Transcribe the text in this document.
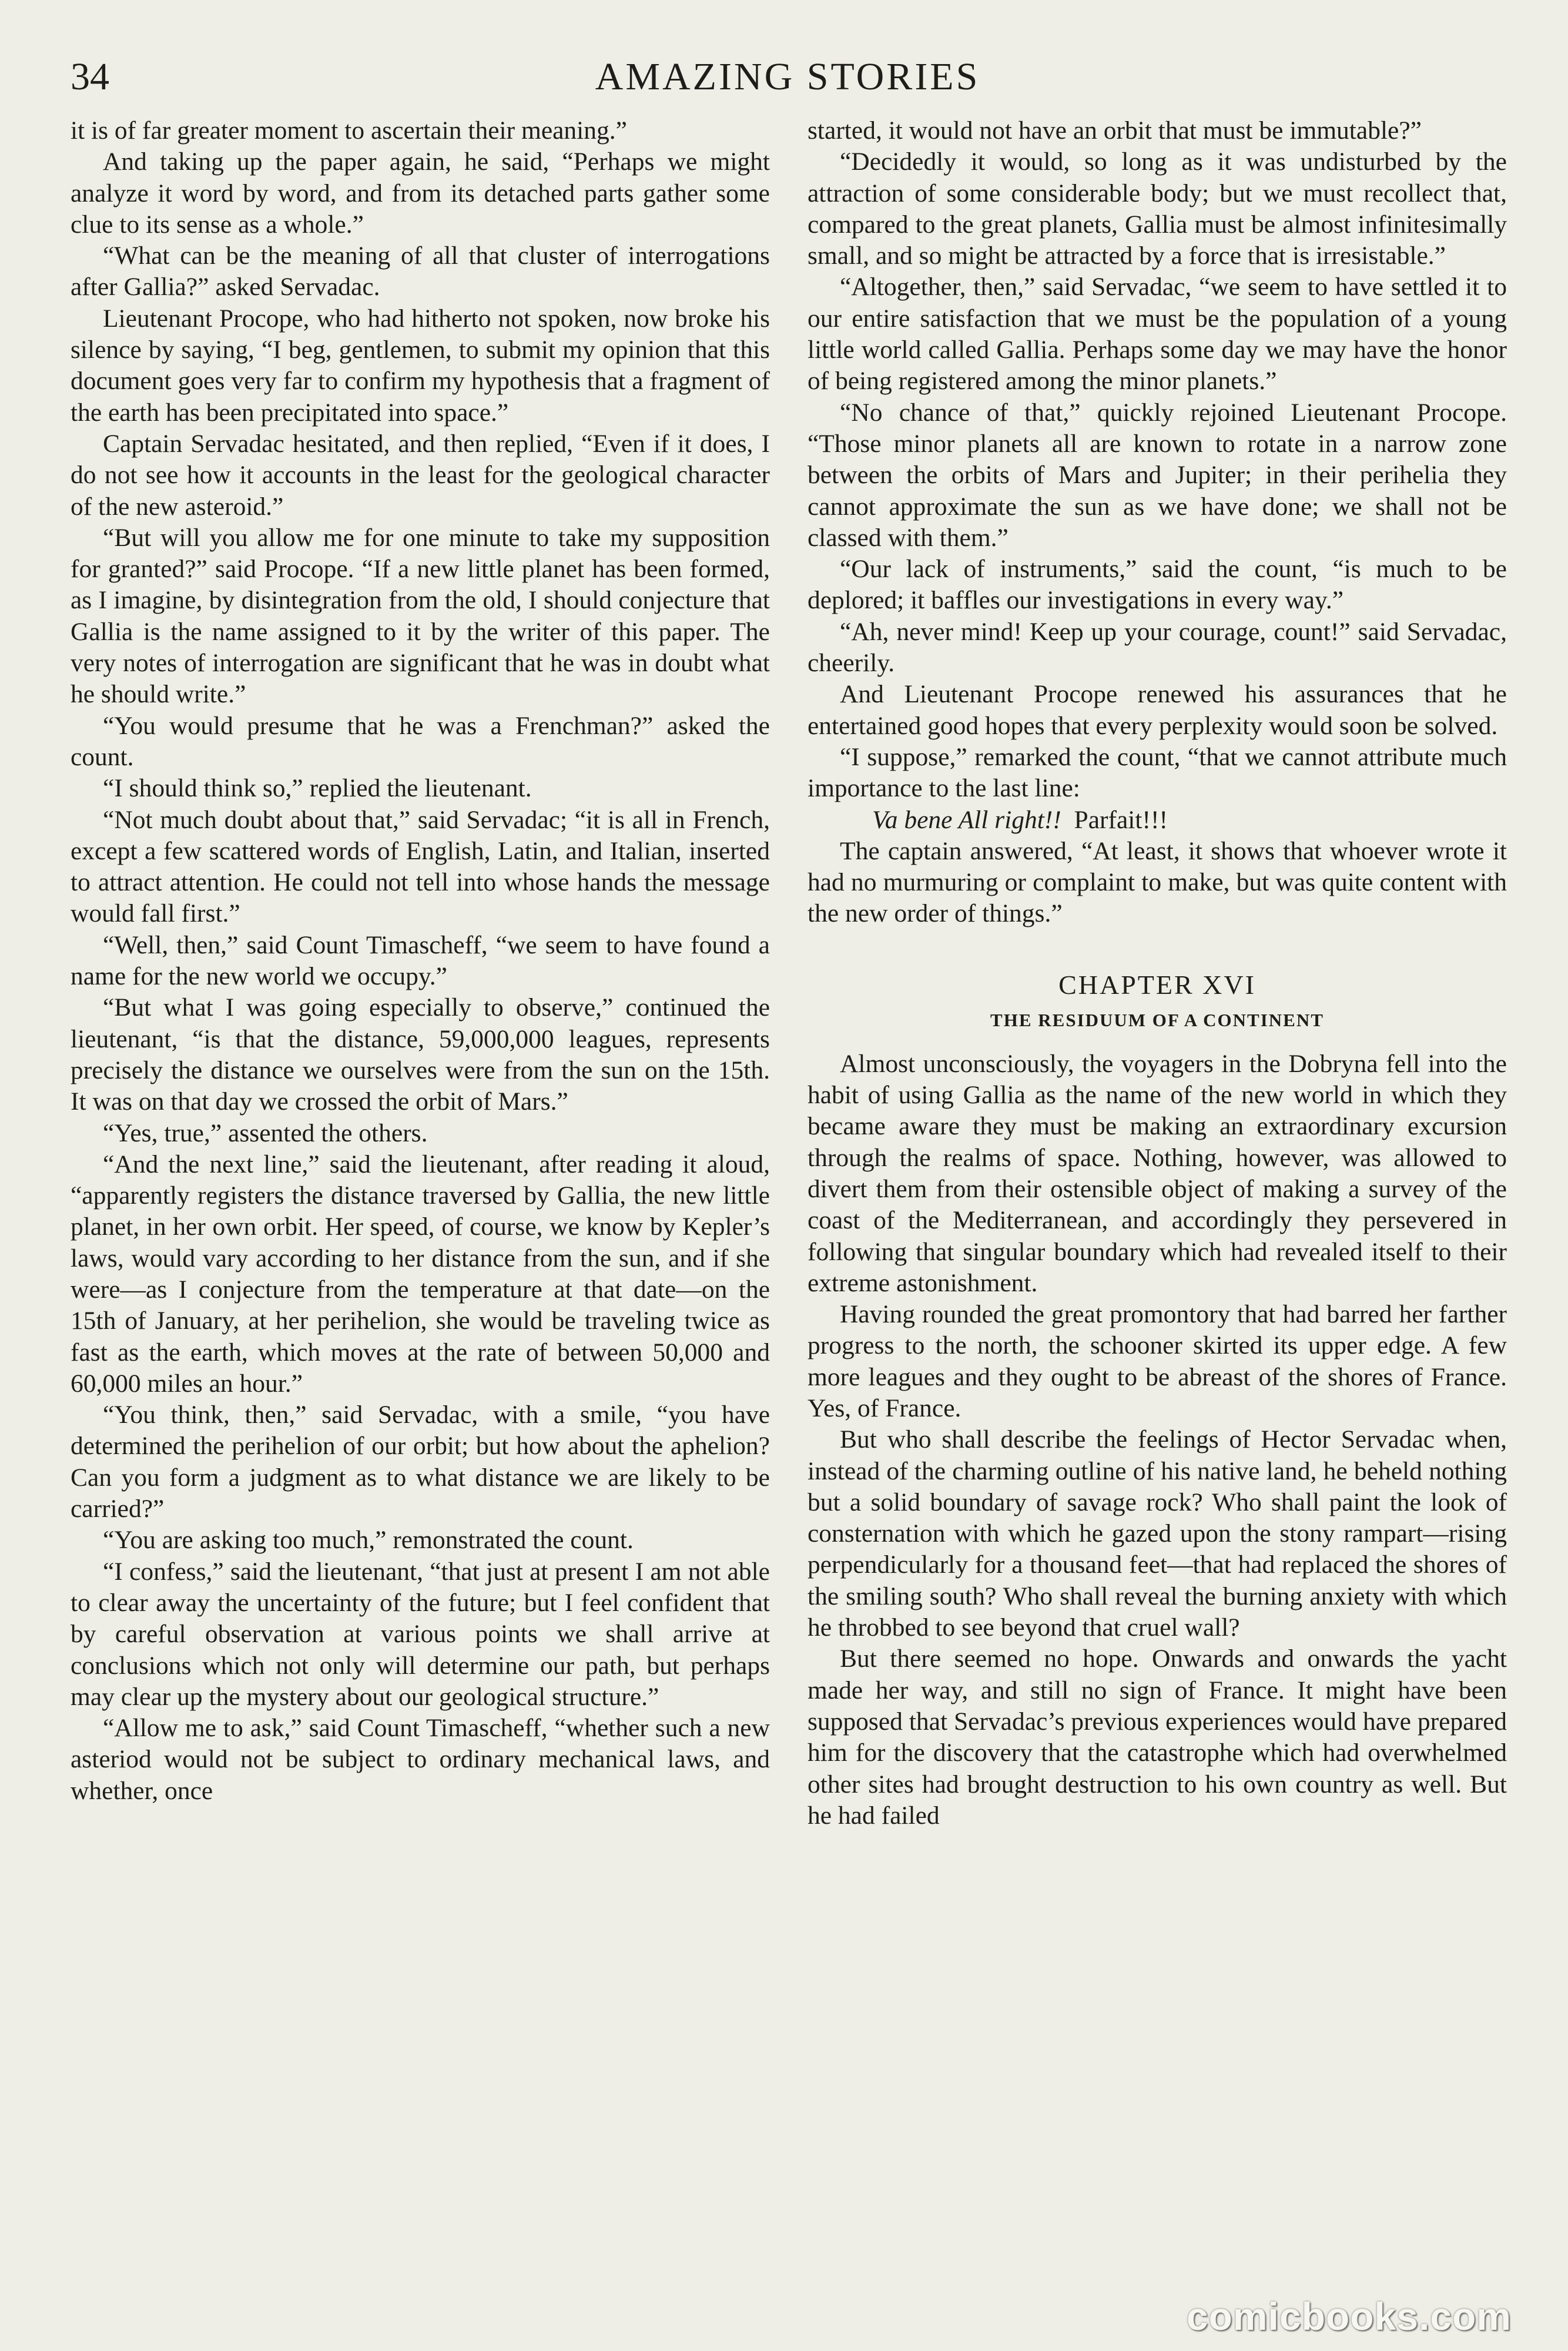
34	AMAZING STORIES

it is of far greater moment to ascertain their meaning.”

And taking up the paper again, he said, “Perhaps we might analyze it word by word, and from its detached parts gather some clue to its sense as a whole.”

“What can be the meaning of all that cluster of interrogations after Gallia?” asked Servadac.

Lieutenant Procope, who had hitherto not spoken, now broke his silence by saying, “I beg, gentlemen, to submit my opinion that this document goes very far to confirm my hypothesis that a fragment of the earth has been precipitated into space.”

Captain Servadac hesitated, and then replied, “Even if it does, I do not see how it accounts in the least for the geological character of the new asteroid.”

“But will you allow me for one minute to take my supposition for granted?” said Procope. “If a new little planet has been formed, as I imagine, by disintegration from the old, I should conjecture that Gallia is the name assigned to it by the writer of this paper. The very notes of interrogation are significant that he was in doubt what he should write.”

“You would presume that he was a Frenchman?” asked the count.

“I should think so,” replied the lieutenant.

“Not much doubt about that,” said Servadac; “it is all in French, except a few scattered words of English, Latin, and Italian, inserted to attract attention. He could not tell into whose hands the message would fall first.”

“Well, then,” said Count Timascheff, “we seem to have found a name for the new world we occupy.”

“But what I was going especially to observe,” continued the lieutenant, “is that the distance, 59,000,000 leagues, represents precisely the distance we ourselves were from the sun on the 15th. It was on that day we crossed the orbit of Mars.”

“Yes, true,” assented the others.

“And the next line,” said the lieutenant, after reading it aloud, “apparently registers the distance traversed by Gallia, the new little planet, in her own orbit. Her speed, of course, we know by Kepler’s laws, would vary according to her distance from the sun, and if she were—as I conjecture from the temperature at that date—on the 15th of January, at her perihelion, she would be traveling twice as fast as the earth, which moves at the rate of between 50,000 and 60,000 miles an hour.”

“You think, then,” said Servadac, with a smile, “you have determined the perihelion of our orbit; but how about the aphelion? Can you form a judgment as to what distance we are likely to be carried?”

“You are asking too much,” remonstrated the count.

“I confess,” said the lieutenant, “that just at present I am not able to clear away the uncertainty of the future; but I feel confident that by careful observation at various points we shall arrive at conclusions which not only will determine our path, but perhaps may clear up the mystery about our geological structure.”

“Allow me to ask,” said Count Timascheff, “whether such a new asteriod would not be subject to ordinary mechanical laws, and whether, once

started, it would not have an orbit that must be immutable?”

“Decidedly it would, so long as it was undisturbed by the attraction of some considerable body; but we must recollect that, compared to the great planets, Gallia must be almost infinitesimally small, and so might be attracted by a force that is irresistable.”

“Altogether, then,” said Servadac, “we seem to have settled it to our entire satisfaction that we must be the population of a young little world called Gallia. Perhaps some day we may have the honor of being registered among the minor planets.”

“No chance of that,” quickly rejoined Lieutenant Procope. “Those minor planets all are known to rotate in a narrow zone between the orbits of Mars and Jupiter; in their perihelia they cannot approximate the sun as we have done; we shall not be classed with them.”

“Our lack of instruments,” said the count, “is much to be deplored; it baffles our investigations in every way.”

“Ah, never mind! Keep up your courage, count!” said Servadac, cheerily.

And Lieutenant Procope renewed his assurances that he entertained good hopes that every perplexity would soon be solved.

“I suppose,” remarked the count, “that we cannot attribute much importance to the last line:

Va bene All right!! Parfait!!!

The captain answered, “At least, it shows that whoever wrote it had no murmuring or complaint to make, but was quite content with the new order of things.”

CHAPTER XVI
THE RESIDUUM OF A CONTINENT

Almost unconsciously, the voyagers in the Dobryna fell into the habit of using Gallia as the name of the new world in which they became aware they must be making an extraordinary excursion through the realms of space. Nothing, however, was allowed to divert them from their ostensible object of making a survey of the coast of the Mediterranean, and accordingly they persevered in following that singular boundary which had revealed itself to their extreme astonishment.

Having rounded the great promontory that had barred her farther progress to the north, the schooner skirted its upper edge. A few more leagues and they ought to be abreast of the shores of France. Yes, of France.

But who shall describe the feelings of Hector Servadac when, instead of the charming outline of his native land, he beheld nothing but a solid boundary of savage rock? Who shall paint the look of consternation with which he gazed upon the stony rampart—rising perpendicularly for a thousand feet—that had replaced the shores of the smiling south? Who shall reveal the burning anxiety with which he throbbed to see beyond that cruel wall?

But there seemed no hope. Onwards and onwards the yacht made her way, and still no sign of France. It might have been supposed that Servadac’s previous experiences would have prepared him for the discovery that the catastrophe which had overwhelmed other sites had brought destruction to his own country as well. But he had failed

comicbooks.com
